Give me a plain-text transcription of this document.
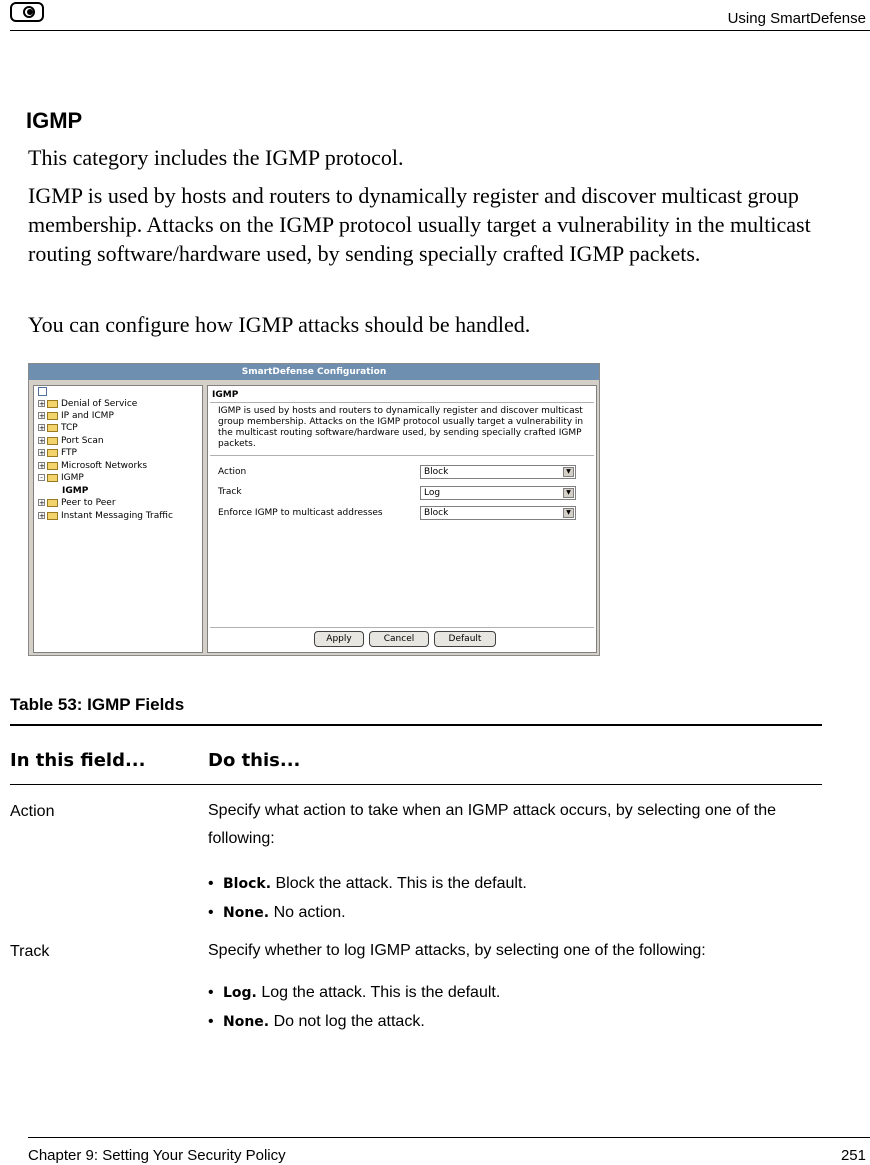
Using SmartDefense
IGMP

This category includes the IGMP protocol.

IGMP is used by hosts and routers to dynamically register and discover multicast group membership. Attacks on the IGMP protocol usually target a vulnerability in the multicast routing software/hardware used, by sending specially crafted IGMP packets.

You can configure how IGMP attacks should be handled.

SmartDefense Configuration
+ Denial of Service
+ IP and ICMP
+ TCP
+ Port Scan
+ FTP
+ Microsoft Networks
- IGMP
IGMP
+ Peer to Peer
+ Instant Messaging Traffic
IGMP
IGMP is used by hosts and routers to dynamically register and discover multicast group membership. Attacks on the IGMP protocol usually target a vulnerability in the multicast routing software/hardware used, by sending specially crafted IGMP packets.
Action	Block	▼
Track	Log	▼
Enforce IGMP to multicast addresses	Block	▼
Apply	Cancel	Default
Table 53: IGMP Fields
In this field...	Do this...
Action	Specify what action to take when an IGMP attack occurs, by selecting one of the following:
• Block. Block the attack. This is the default.
• None. No action.
Track	Specify whether to log IGMP attacks, by selecting one of the following:
• Log. Log the attack. This is the default.
• None. Do not log the attack.
Chapter 9: Setting Your Security Policy	251
